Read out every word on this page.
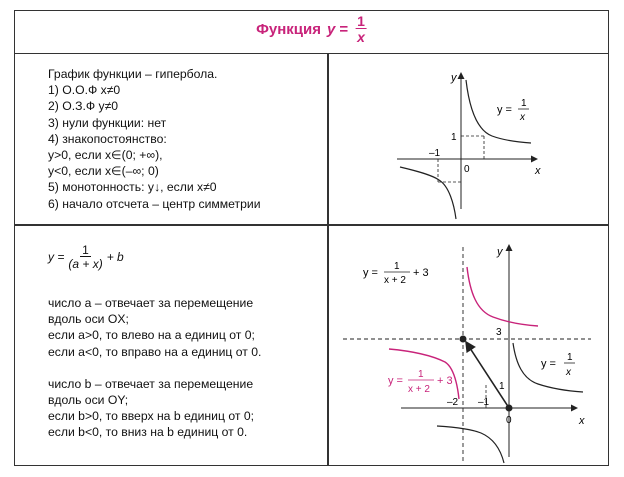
Функция $y = \frac{1}{x}$
График функции – гипербола.
1) О.О.Ф x≠0
2) О.З.Ф y≠0
3) нули функции: нет
4) знакопостоянство:
y>0, если x∈(0; +∞),
y<0, если x∈(–∞; 0)
5) монотонность: y↓, если x≠0
6) начало отсчета – центр симметрии
x
y
y =
1
x
1
–1
0
$y = \frac{1}{(a + x)} + b$
число a – отвечает за перемещение
вдоль оси OX;
если a>0, то влево на a единиц от 0;
если a<0, то вправо на a единиц от 0.
число b – отвечает за перемещение
вдоль оси OY;
если b>0, то вверх на b единиц от 0;
если b<0, то вниз на b единиц от 0.
y =
1
x + 2
+ 3
y =
1
x + 2
+ 3
y =
1
x
x
y
3
1
–2 –1
0
